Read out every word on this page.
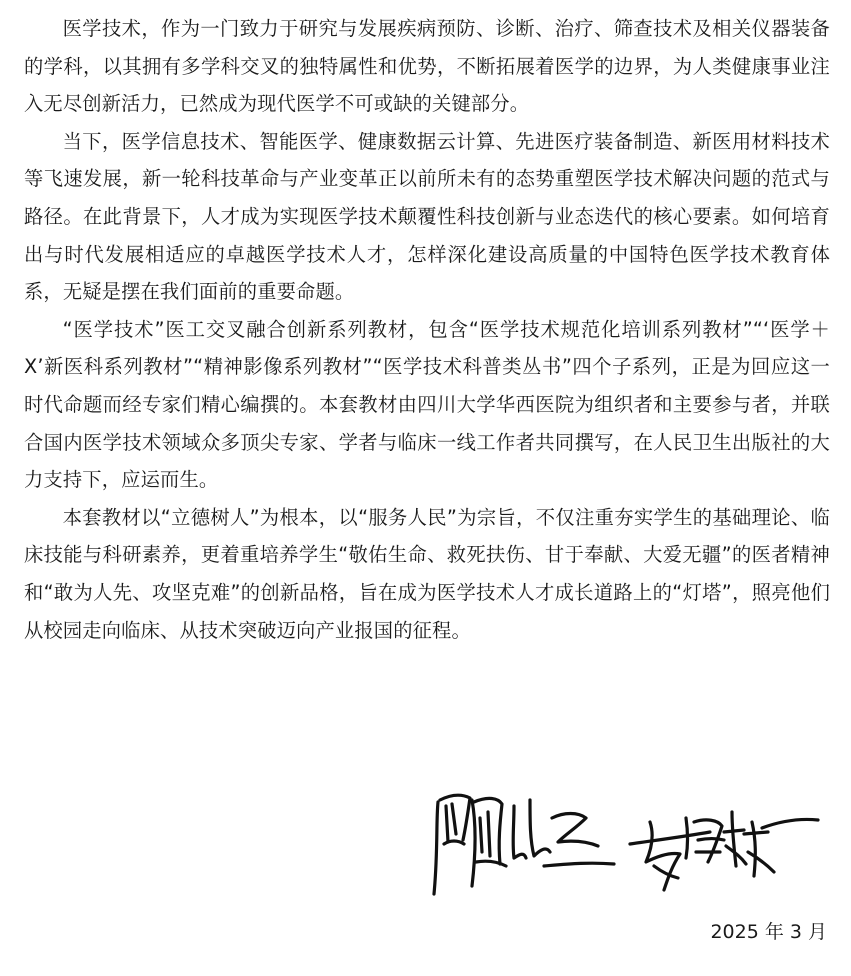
医学技术，作为一门致力于研究与发展疾病预防、诊断、治疗、筛查技术及相关仪器装备的学科，以其拥有多学科交叉的独特属性和优势，不断拓展着医学的边界，为人类健康事业注入无尽创新活力，已然成为现代医学不可或缺的关键部分。

当下，医学信息技术、智能医学、健康数据云计算、先进医疗装备制造、新医用材料技术等飞速发展，新一轮科技革命与产业变革正以前所未有的态势重塑医学技术解决问题的范式与路径。在此背景下，人才成为实现医学技术颠覆性科技创新与业态迭代的核心要素。如何培育出与时代发展相适应的卓越医学技术人才，怎样深化建设高质量的中国特色医学技术教育体系，无疑是摆在我们面前的重要命题。

“医学技术”医工交叉融合创新系列教材，包含“医学技术规范化培训系列教材”“‘医学＋X’新医科系列教材”“精神影像系列教材”“医学技术科普类丛书”四个子系列，正是为回应这一时代命题而经专家们精心编撰的。本套教材由四川大学华西医院为组织者和主要参与者，并联合国内医学技术领域众多顶尖专家、学者与临床一线工作者共同撰写，在人民卫生出版社的大力支持下，应运而生。

本套教材以“立德树人”为根本，以“服务人民”为宗旨，不仅注重夯实学生的基础理论、临床技能与科研素养，更着重培养学生“敬佑生命、救死扶伤、甘于奉献、大爱无疆”的医者精神和“敢为人先、攻坚克难”的创新品格，旨在成为医学技术人才成长道路上的“灯塔”，照亮他们从校园走向临床、从技术突破迈向产业报国的征程。

2025 年 3 月
